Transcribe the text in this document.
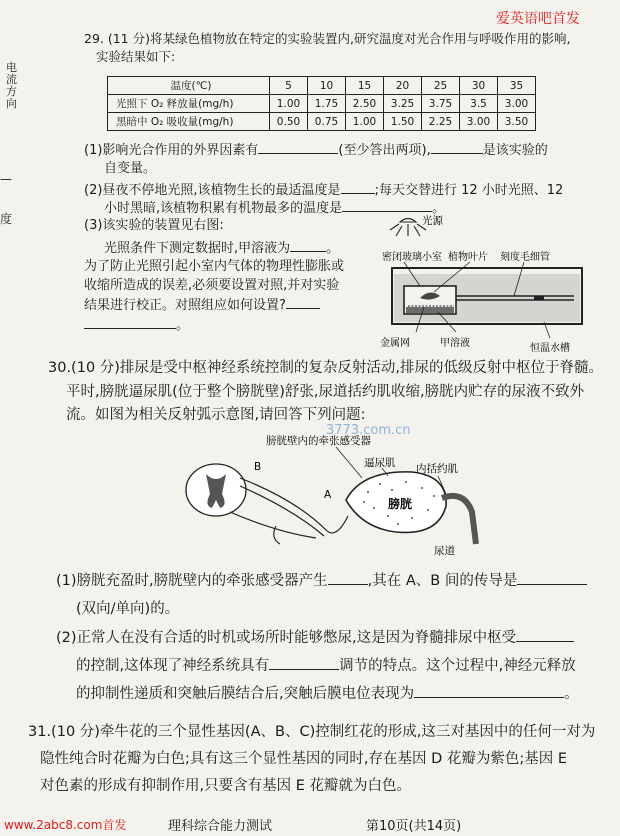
爱英语吧首发
电流方向
—
度
29. (11 分)将某绿色植物放在特定的实验装置内,研究温度对光合作用与呼吸作用的影响,
实验结果如下:
温度(℃)	5	10	15	20	25	30	35
光照下 O₂ 释放量(mg/h)	1.00	1.75	2.50	3.25	3.75	3.5	3.00
黑暗中 O₂ 吸收量(mg/h)	0.50	0.75	1.00	1.50	2.25	3.00	3.50
(1)影响光合作用的外界因素有	(至少答出两项),	是该实验的
自变量。
(2)昼夜不停地光照,该植物生长的最适温度是	;每天交替进行 12 小时光照、12
小时黑暗,该植物积累有机物最多的温度是	。
(3)该实验的装置见右图:
光照条件下测定数据时,甲溶液为	。
为了防止光照引起小室内气体的物理性膨胀或
收缩所造成的误差,必须要设置对照,并对实验
结果进行校正。对照组应如何设置?
。
光源
密闭玻璃小室 植物叶片 刻度毛细管
金属网	甲溶液	恒温水槽
30.(10 分)排尿是受中枢神经系统控制的复杂反射活动,排尿的低级反射中枢位于脊髓。
平时,膀胱逼尿肌(位于整个膀胱壁)舒张,尿道括约肌收缩,膀胱内贮存的尿液不致外
流。如图为相关反射弧示意图,请回答下列问题:
3773.com.cn
膀胱壁内的牵张感受器
B
A
膀胱
尿道
逼尿肌 内括约肌
(1)膀胱充盈时,膀胱壁内的牵张感受器产生	,其在 A、B 间的传导是
(双向/单向)的。
(2)正常人在没有合适的时机或场所时能够憋尿,这是因为脊髓排尿中枢受
的控制,这体现了神经系统具有	调节的特点。这个过程中,神经元释放
的抑制性递质和突触后膜结合后,突触后膜电位表现为	。
31.(10 分)牵牛花的三个显性基因(A、B、C)控制红花的形成,这三对基因中的任何一对为
隐性纯合时花瓣为白色;具有这三个显性基因的同时,存在基因 D 花瓣为紫色;基因 E
对色素的形成有抑制作用,只要含有基因 E 花瓣就为白色。
www.2abc8.com首发	理科综合能力测试	第10页(共14页)
